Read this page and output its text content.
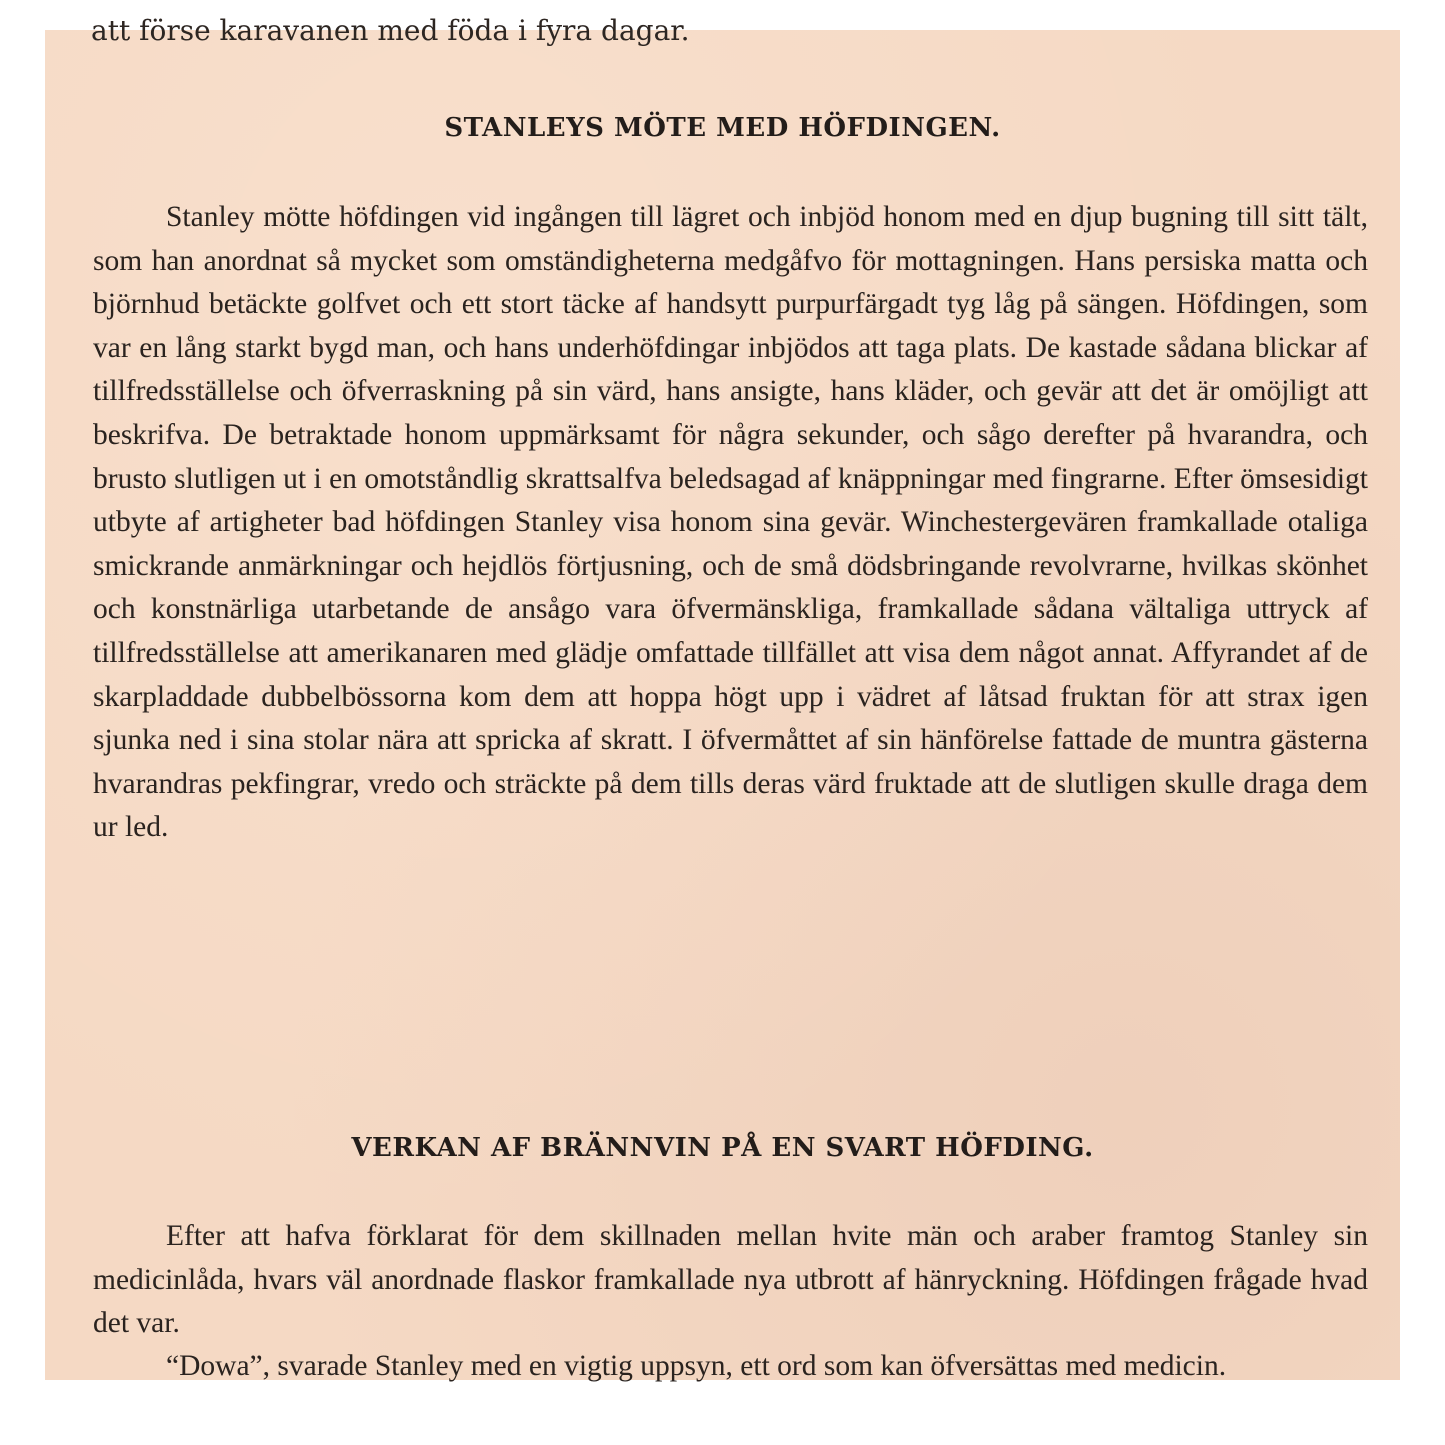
att förse karavanen med föda i fyra dagar.
STANLEYS MÖTE MED HÖFDINGEN.

Stanley mötte höfdingen vid ingången till lägret och inbjöd honom med en djup bugning till sitt tält, som han anordnat så mycket som omständigheterna medgåfvo för mottagningen. Hans persiska matta och björnhud betäckte golfvet och ett stort täcke af handsytt purpurfärgadt tyg låg på sängen. Höfdingen, som var en lång starkt bygd man, och hans underhöfdingar inbjödos att taga plats. De kastade sådana blickar af tillfredsställelse och öfverraskning på sin värd, hans ansigte, hans kläder, och gevär att det är omöjligt att beskrifva. De betraktade honom uppmärksamt för några sekunder, och sågo derefter på hvarandra, och brusto slutligen ut i en omotståndlig skrattsalfva beledsagad af knäppningar med fingrarne. Efter ömsesidigt utbyte af artigheter bad höfdingen Stanley visa honom sina gevär. Winchestergevären framkallade otaliga smickrande anmärkningar och hejdlös förtjusning, och de små dödsbringande revolvrarne, hvilkas skönhet och konstnärliga utarbetande de ansågo vara öfvermänskliga, framkallade sådana vältaliga uttryck af tillfredsställelse att amerikanaren med glädje omfattade tillfället att visa dem något annat. Affyrandet af de skarpladdade dubbelbössorna kom dem att hoppa högt upp i vädret af låtsad fruktan för att strax igen sjunka ned i sina stolar nära att spricka af skratt. I öfvermåttet af sin hänförelse fattade de muntra gästerna hvarandras pekfingrar, vredo och sträckte på dem tills deras värd fruktade att de slutligen skulle draga dem ur led.

VERKAN AF BRÄNNVIN PÅ EN SVART HÖFDING.

Efter att hafva förklarat för dem skillnaden mellan hvite män och araber framtog Stanley sin medicinlåda, hvars väl anordnade flaskor framkallade nya utbrott af hänryckning. Höfdingen frågade hvad det var.

“Dowa”, svarade Stanley med en vigtig uppsyn, ett ord som kan öfversättas med medicin.
